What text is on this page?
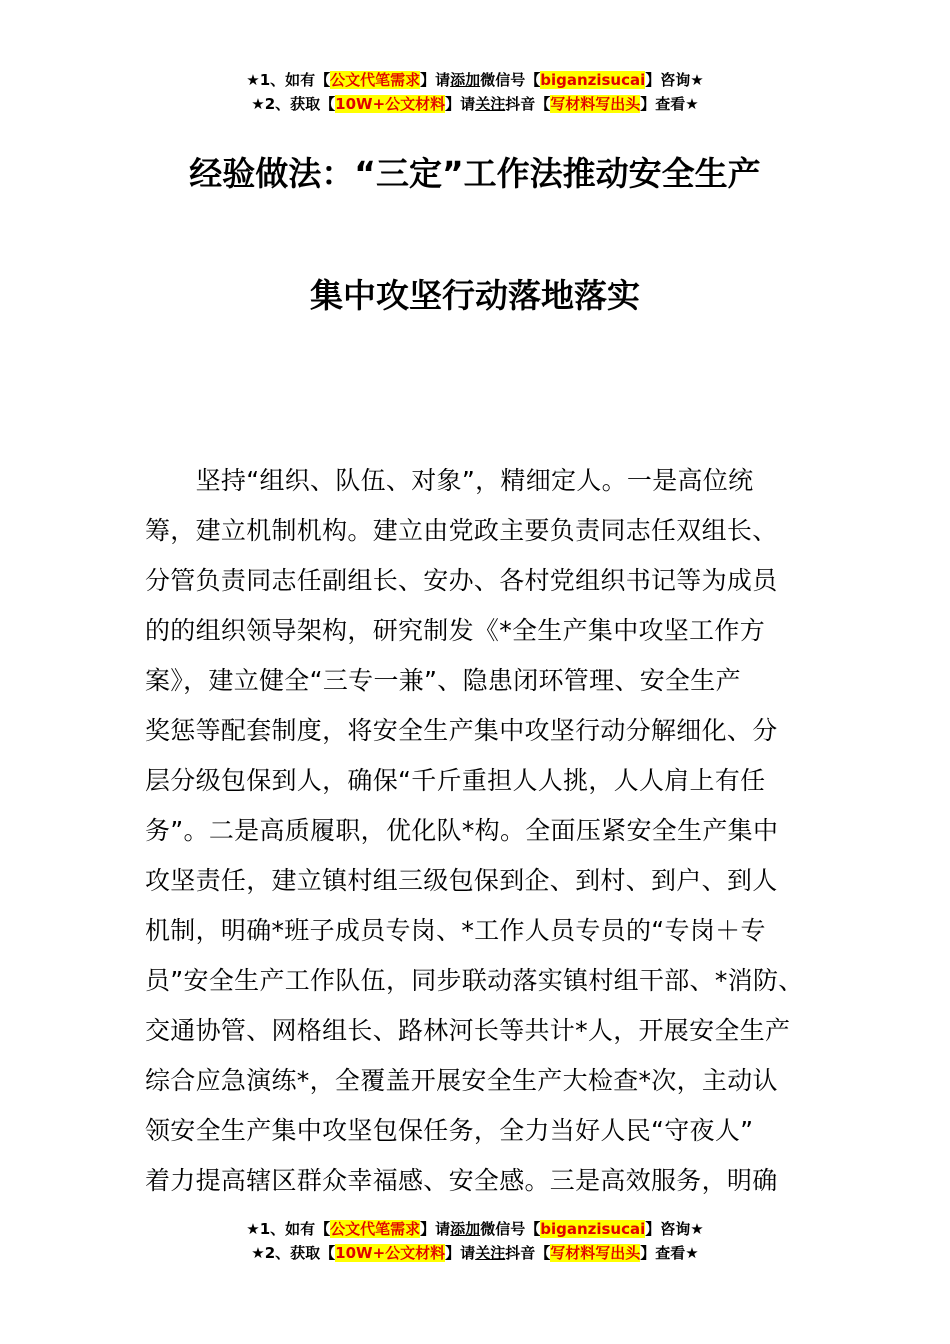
★1、如有【公文代笔需求】请添加微信号【biganzisucai】咨询★
★2、获取【10W+公文材料】请关注抖音【写材料写出头】查看★
经验做法：“三定”工作法推动安全生产
集中攻坚行动落地落实
　　坚持“组织、队伍、对象”，精细定人。一是高位统
筹，建立机制机构。建立由党政主要负责同志任双组长、
分管负责同志任副组长、安办、各村党组织书记等为成员
的的组织领导架构，研究制发《*全生产集中攻坚工作方
案》，建立健全“三专一兼”、隐患闭环管理、安全生产
奖惩等配套制度，将安全生产集中攻坚行动分解细化、分
层分级包保到人，确保“千斤重担人人挑，人人肩上有任
务”。二是高质履职，优化队*构。全面压紧安全生产集中
攻坚责任，建立镇村组三级包保到企、到村、到户、到人
机制，明确*班子成员专岗、*工作人员专员的“专岗＋专
员”安全生产工作队伍，同步联动落实镇村组干部、*消防、
交通协管、网格组长、路林河长等共计*人，开展安全生产
综合应急演练*，全覆盖开展安全生产大检查*次，主动认
领安全生产集中攻坚包保任务，全力当好人民“守夜人”
着力提高辖区群众幸福感、安全感。三是高效服务，明确
★1、如有【公文代笔需求】请添加微信号【biganzisucai】咨询★
★2、获取【10W+公文材料】请关注抖音【写材料写出头】查看★
